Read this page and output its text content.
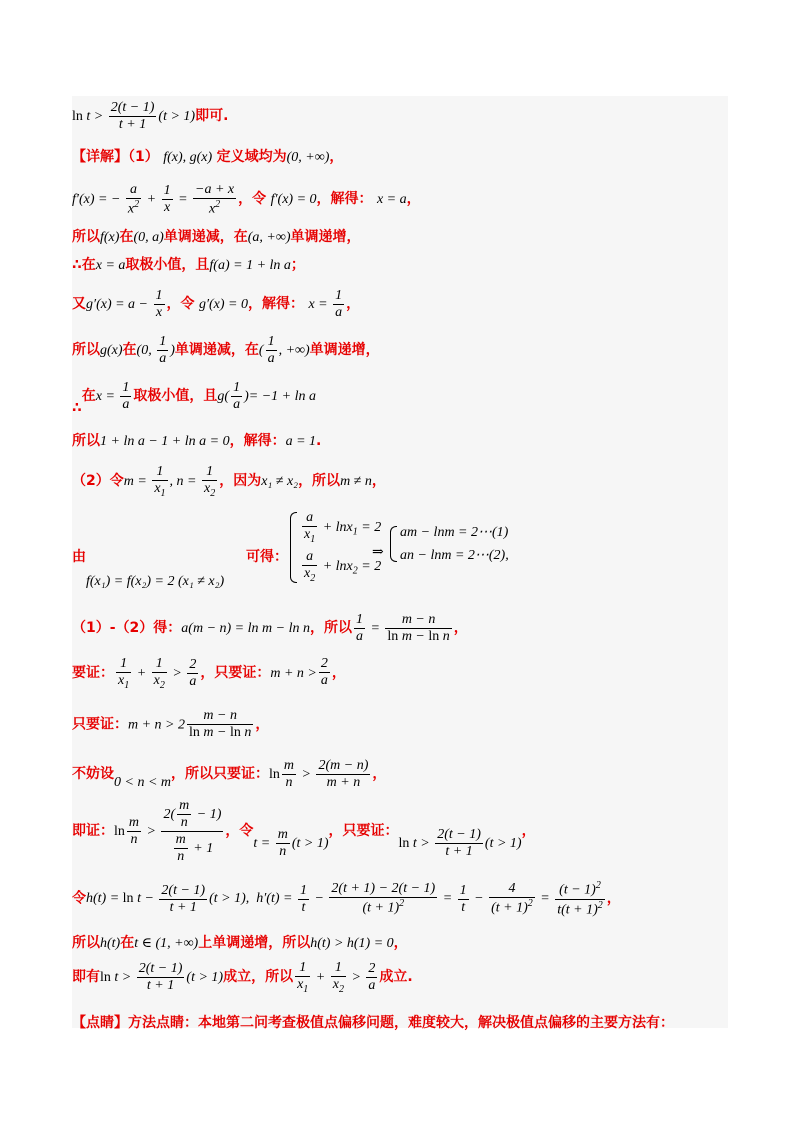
$\ln t > \frac{2(t - 1)}{t + 1} (t > 1)$即可.
【详解】（1） f(x), g(x) 定义域均为(0, +∞)，
f′(x) = − $\frac{a}{x^2} + \frac{1}{x} = \frac{-a + x}{x^2}$ ，令 f′(x) = 0，解得： x = a，
所以f(x)在(0, a)单调递减，在(a, +∞)单调递增，
∴在x = a取极小值，且f(a) = 1 + ln a；
又$g'(x) = a - \frac{1}{x}$ ，令 g′(x) = 0，解得： $x = \frac{1}{a}$ ，
所以g(x)在(0, $\frac{1}{a}$ )单调递减，在( $\frac{1}{a}$ , +∞)单调递增，
∴在$x = \frac{1}{a}$ 取极小值，且$g( \frac{1}{a}$ )= −1 + ln a
所以1 + ln a − 1 + ln a = 0，解得：a = 1.
（2）令$m = \frac{1}{x_1}$ , $n = \frac{1}{x_2}$ ，因为x₁ ≠ x₂，所以m ≠ n，
由
f(x₁) = f(x₂) = 2 (x₁ ≠ x₂)
可得：
$\frac{a}{x_1} + \ln x_1 = 2$
$\frac{a}{x_2} + \ln x_2 = 2$
⇒
am − lnm = 2⋯(1)
an − lnm = 2⋯(2),
（1）-（2）得：a(m − n) = ln m − ln n，所以 $\frac{1}{a} = \frac{m - n}{\text{ln m − ln n}}$ ，
要证： $\frac{1}{x_1} + \frac{1}{x_2} > \frac{2}{a}$ ，只要证：$m + n > \frac{2}{a}$ ，
只要证：$m + n > 2 \frac{m - n}{\text{ln m − ln n}}$ ，
不妨设0 < n < m，所以只要证：$\ln \frac{m}{n} > \frac{2(m - n)}{m + n}$ ，
即证：$\ln \frac{m}{n} > \frac{2( \frac{m}{n} - 1)}{\frac{m}{n} + 1}$ ，令$t = \frac{m}{n} (t > 1)$，只要证：$\ln t > \frac{2(t - 1)}{t + 1} (t > 1)$，
令$h(t) = \ln t - \frac{2(t - 1)}{t + 1} (t > 1)$,  $h'(t) = \frac{1}{t} - \frac{2(t + 1) - 2(t - 1)}{(t + 1)^2} = \frac{1}{t} - \frac{4}{(t + 1)^2} = \frac{(t - 1)^2}{t(t + 1)^2}$ ，
所以h(t)在t ∈ (1, +∞)上单调递增，所以h(t) > h(1) = 0，
即有$\ln t > \frac{2(t - 1)}{t + 1} (t > 1)$成立，所以 $\frac{1}{x_1} + \frac{1}{x_2} > \frac{2}{a}$ 成立.
【点睛】方法点睛：本地第二问考查极值点偏移问题，难度较大，解决极值点偏移的主要方法有：
